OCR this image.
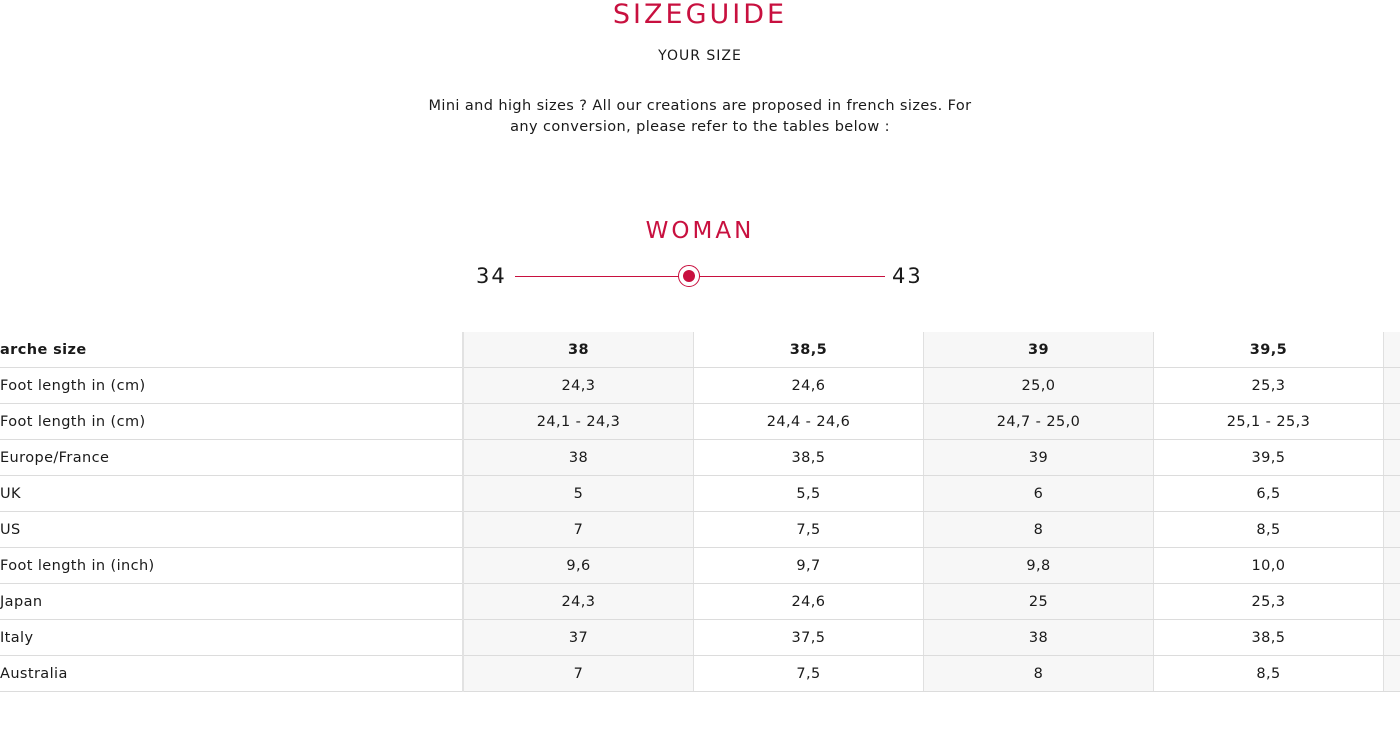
SIZEGUIDE
YOUR SIZE
Mini and high sizes ? All our creations are proposed in french sizes. For any conversion, please refer to the tables below :
WOMAN
34	43
arche size	38	38,5	39	39,5	
Foot length in (cm)	24,3	24,6	25,0	25,3	
Foot length in (cm)	24,1 - 24,3	24,4 - 24,6	24,7 - 25,0	25,1 - 25,3	
Europe/France	38	38,5	39	39,5	
UK	5	5,5	6	6,5	
US	7	7,5	8	8,5	
Foot length in (inch)	9,6	9,7	9,8	10,0	
Japan	24,3	24,6	25	25,3	
Italy	37	37,5	38	38,5	
Australia	7	7,5	8	8,5	
